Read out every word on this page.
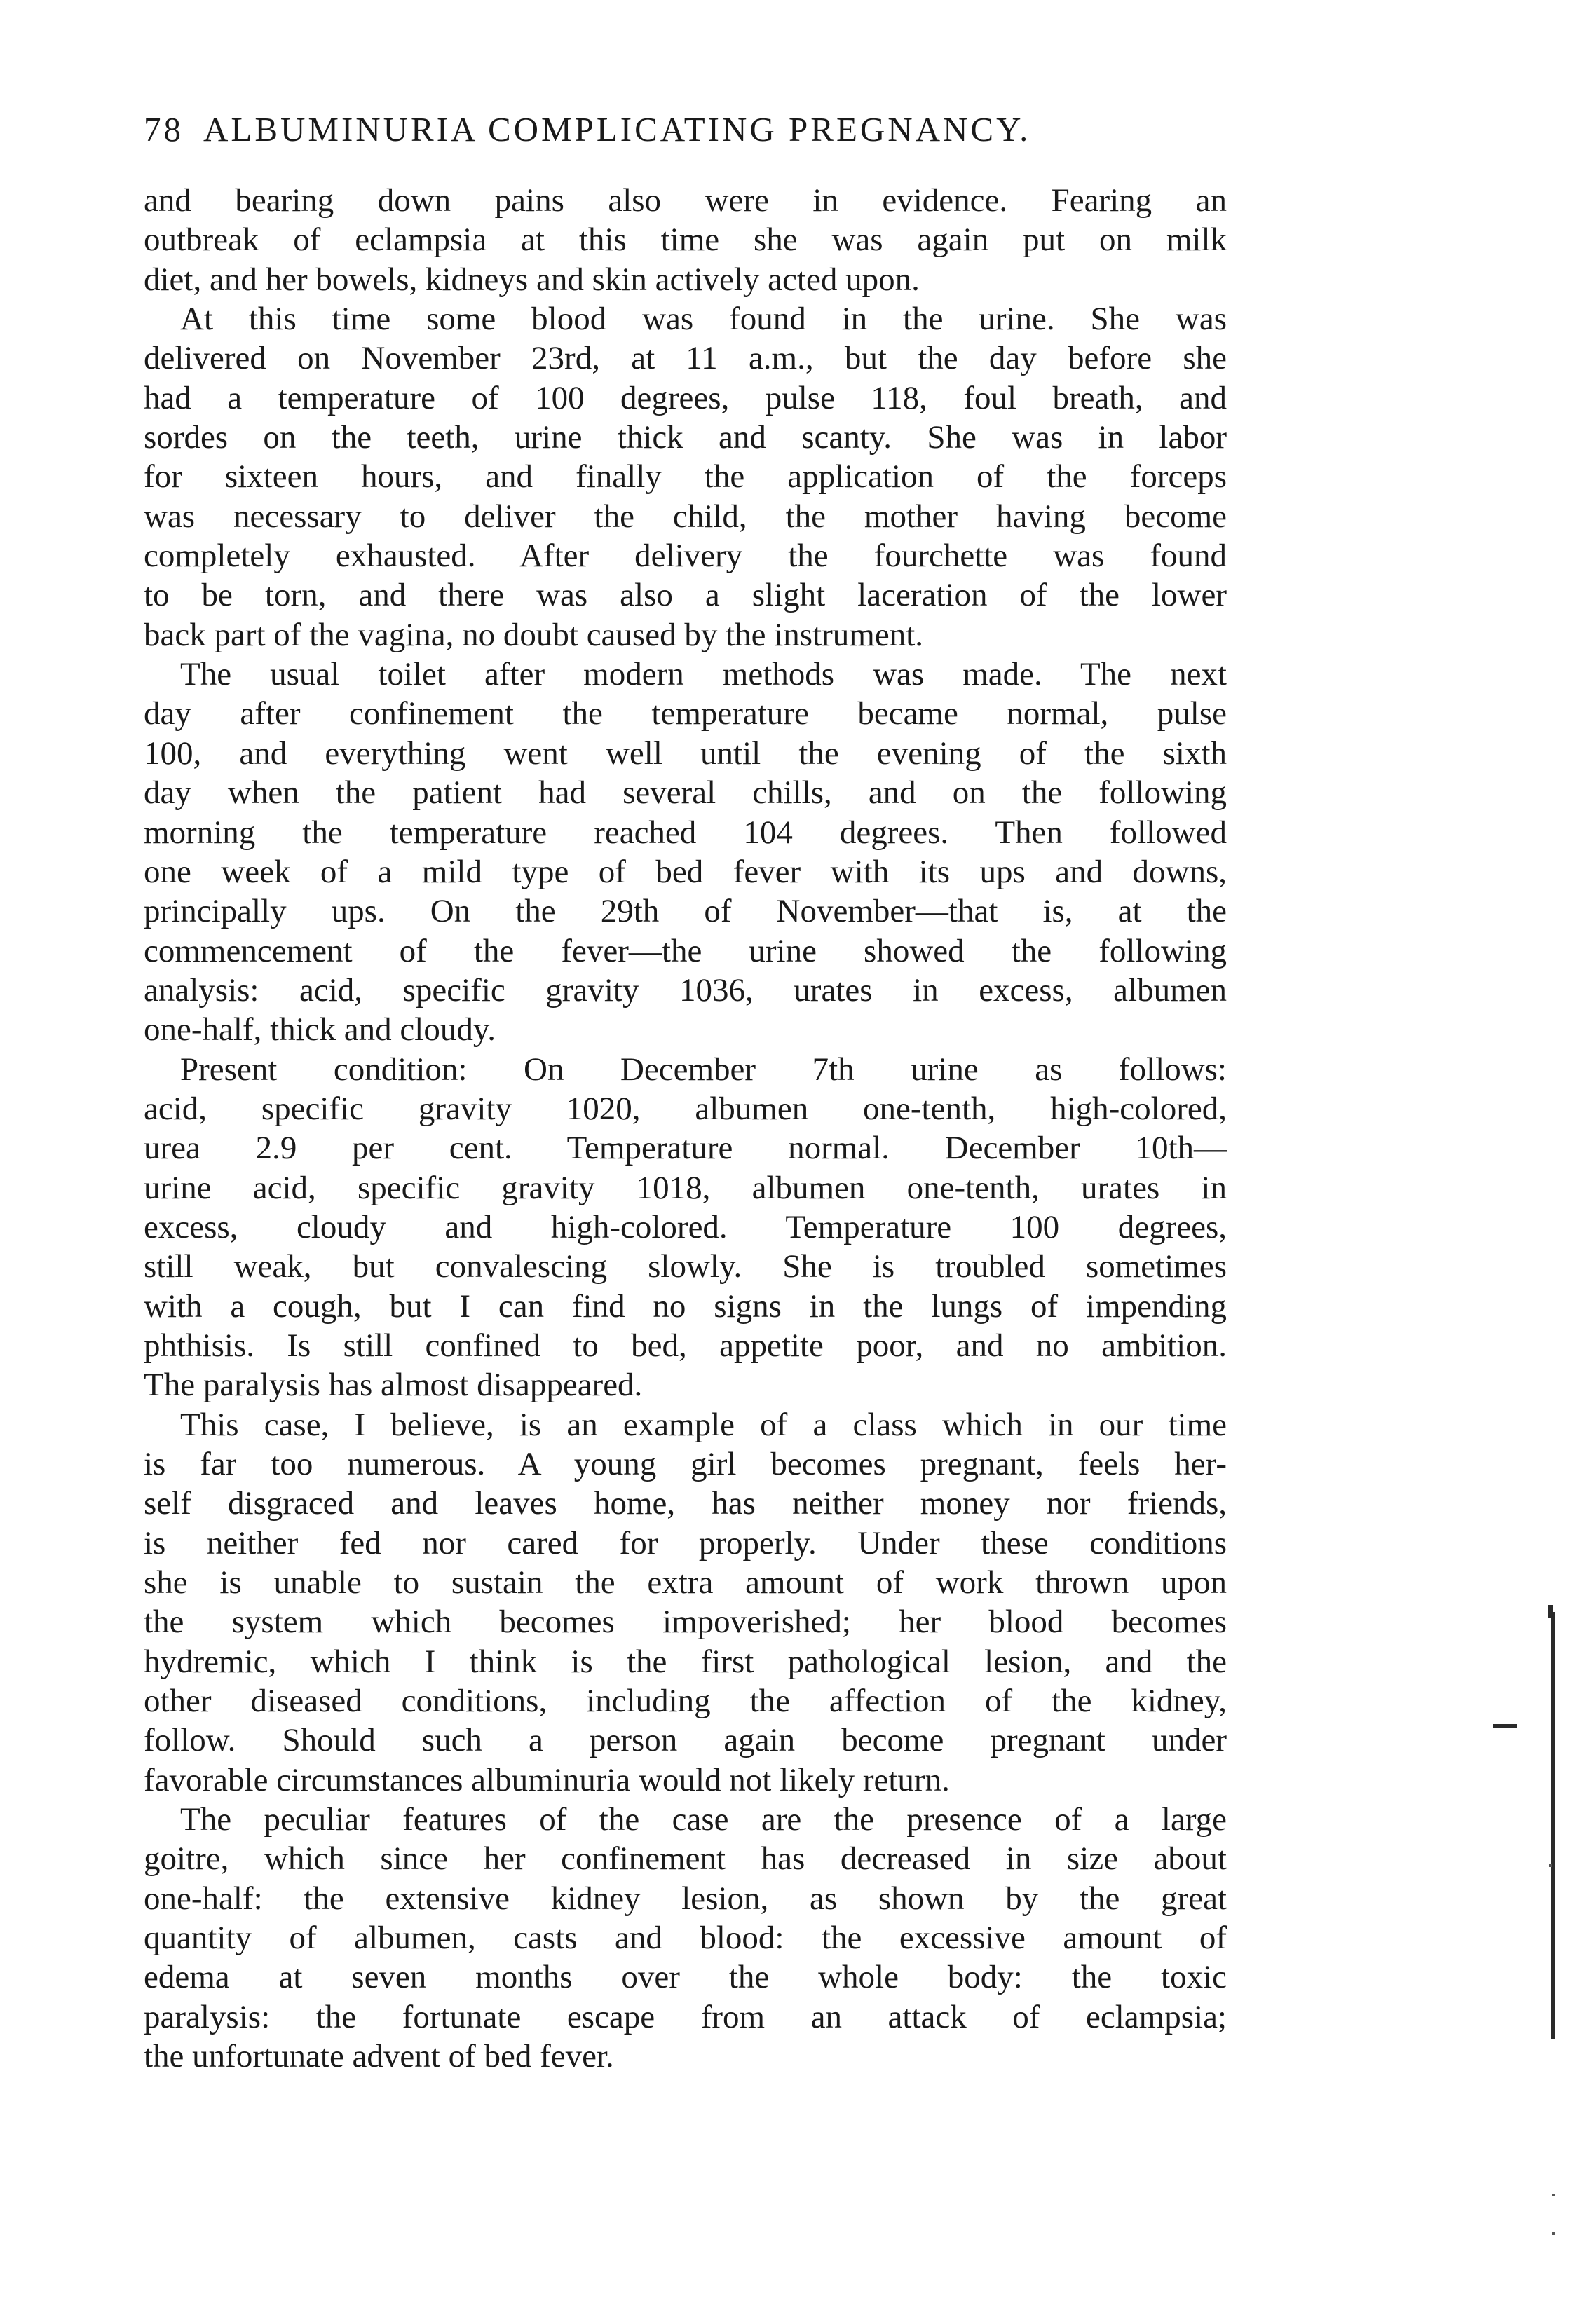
78 ALBUMINURIA COMPLICATING PREGNANCY.
and bearing down pains also were in evidence. Fearing an
outbreak of eclampsia at this time she was again put on milk
diet, and her bowels, kidneys and skin actively acted upon.
At this time some blood was found in the urine. She was
delivered on November 23rd, at 11 a.m., but the day before she
had a temperature of 100 degrees, pulse 118, foul breath, and
sordes on the teeth, urine thick and scanty. She was in labor
for sixteen hours, and finally the application of the forceps
was necessary to deliver the child, the mother having become
completely exhausted. After delivery the fourchette was found
to be torn, and there was also a slight laceration of the lower
back part of the vagina, no doubt caused by the instrument.
The usual toilet after modern methods was made. The next
day after confinement the temperature became normal, pulse
100, and everything went well until the evening of the sixth
day when the patient had several chills, and on the following
morning the temperature reached 104 degrees. Then followed
one week of a mild type of bed fever with its ups and downs,
principally ups. On the 29th of November—that is, at the
commencement of the fever—the urine showed the following
analysis: acid, specific gravity 1036, urates in excess, albumen
one-half, thick and cloudy.
Present condition: On December 7th urine as follows:
acid, specific gravity 1020, albumen one-tenth, high-colored,
urea 2.9 per cent. Temperature normal. December 10th—
urine acid, specific gravity 1018, albumen one-tenth, urates in
excess, cloudy and high-colored. Temperature 100 degrees,
still weak, but convalescing slowly. She is troubled sometimes
with a cough, but I can find no signs in the lungs of impending
phthisis. Is still confined to bed, appetite poor, and no ambition.
The paralysis has almost disappeared.
This case, I believe, is an example of a class which in our time
is far too numerous. A young girl becomes pregnant, feels her-
self disgraced and leaves home, has neither money nor friends,
is neither fed nor cared for properly. Under these conditions
she is unable to sustain the extra amount of work thrown upon
the system which becomes impoverished; her blood becomes
hydremic, which I think is the first pathological lesion, and the
other diseased conditions, including the affection of the kidney,
follow. Should such a person again become pregnant under
favorable circumstances albuminuria would not likely return.
The peculiar features of the case are the presence of a large
goitre, which since her confinement has decreased in size about
one-half: the extensive kidney lesion, as shown by the great
quantity of albumen, casts and blood: the excessive amount of
edema at seven months over the whole body: the toxic
paralysis: the fortunate escape from an attack of eclampsia;
the unfortunate advent of bed fever.
